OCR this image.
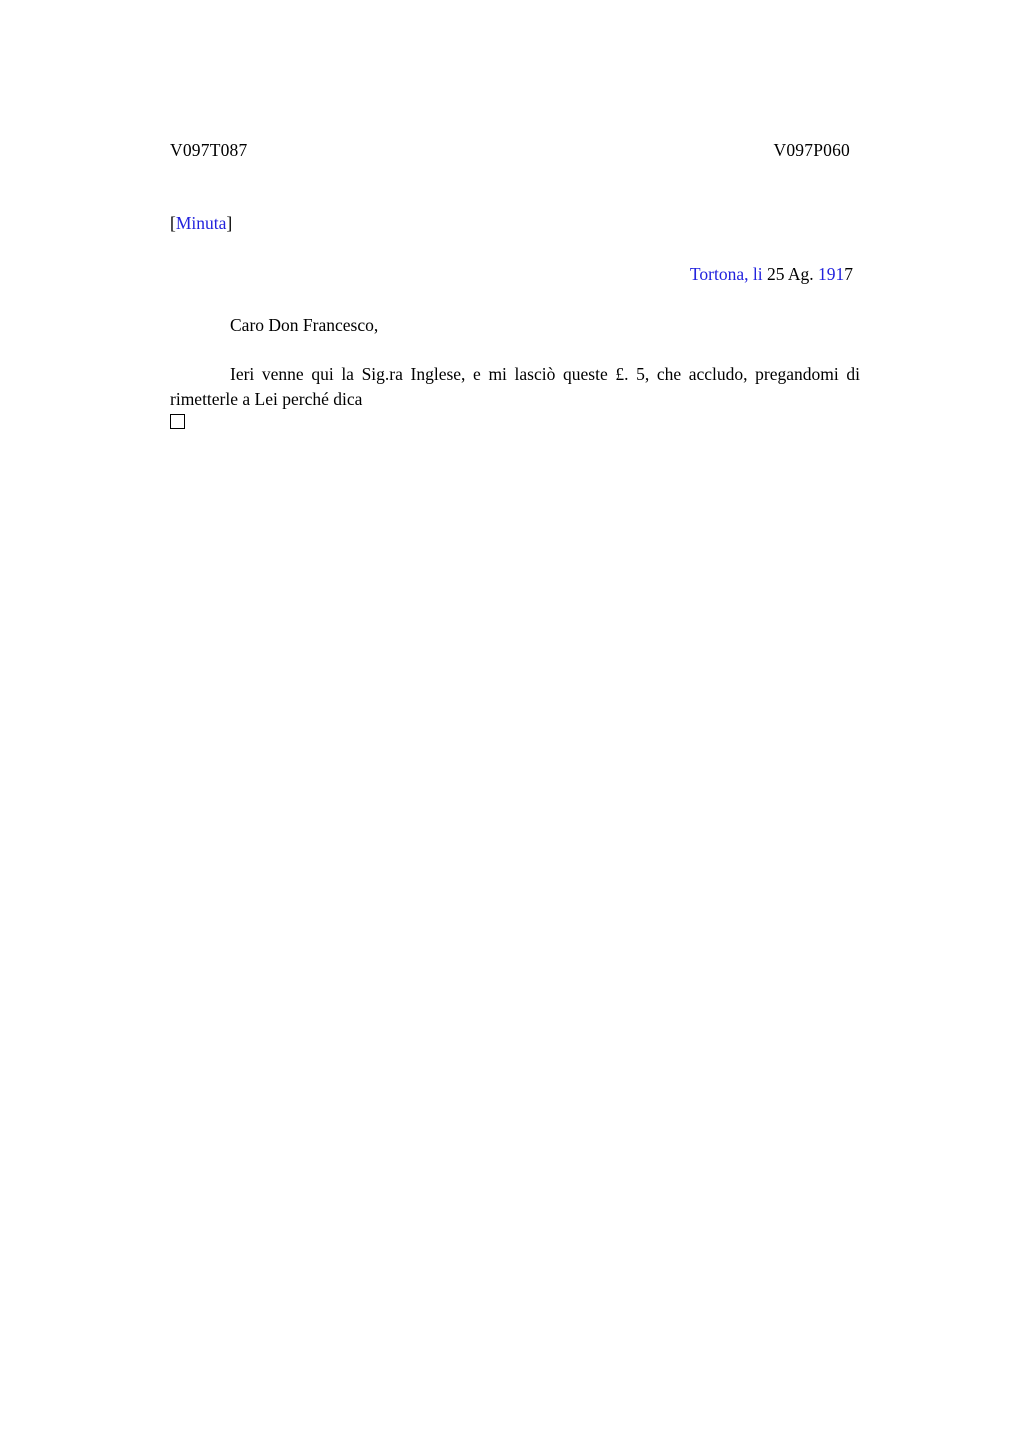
V097T087	V097P060
[Minuta]
Tortona, li 25 Ag. 1917
Caro Don Francesco,
Ieri venne qui la Sig.ra Inglese, e mi lasciò queste £. 5, che accludo, pregandomi di rimetterle a Lei perché dica
